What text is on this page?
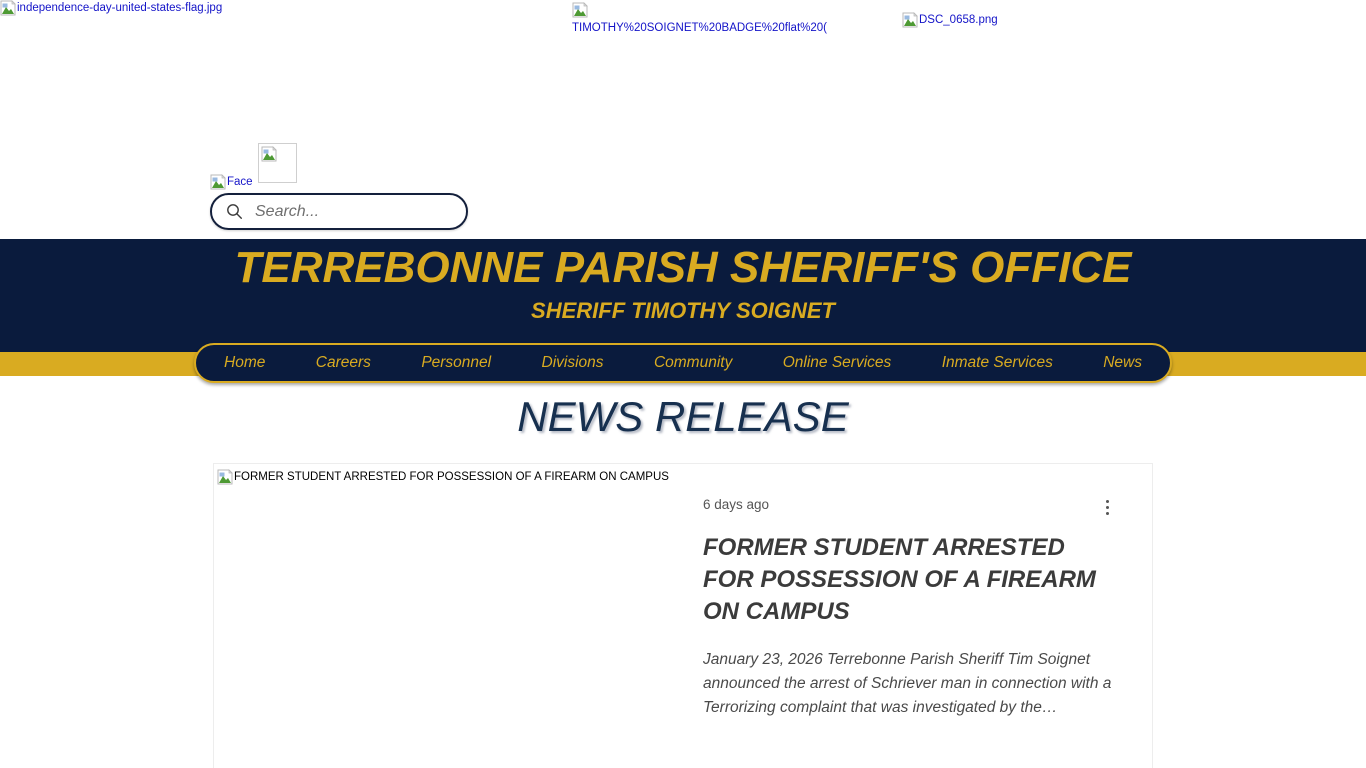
independence-day-united-states-flag.jpg
TIMOTHY%20SOIGNET%20BADGE%20flat%20(
DSC_0658.png
Face
Search...
TERREBONNE PARISH SHERIFF'S OFFICE
SHERIFF TIMOTHY SOIGNET
Home	Careers	Personnel	Divisions	Community	Online Services	Inmate Services	News
NEWS RELEASE
FORMER STUDENT ARRESTED FOR POSSESSION OF A FIREARM ON CAMPUS
6 days ago
FORMER STUDENT ARRESTED FOR POSSESSION OF A FIREARM ON CAMPUS

January 23, 2026 Terrebonne Parish Sheriff Tim Soignet announced the arrest of Schriever man in connection with a Terrorizing complaint that was investigated by the…
